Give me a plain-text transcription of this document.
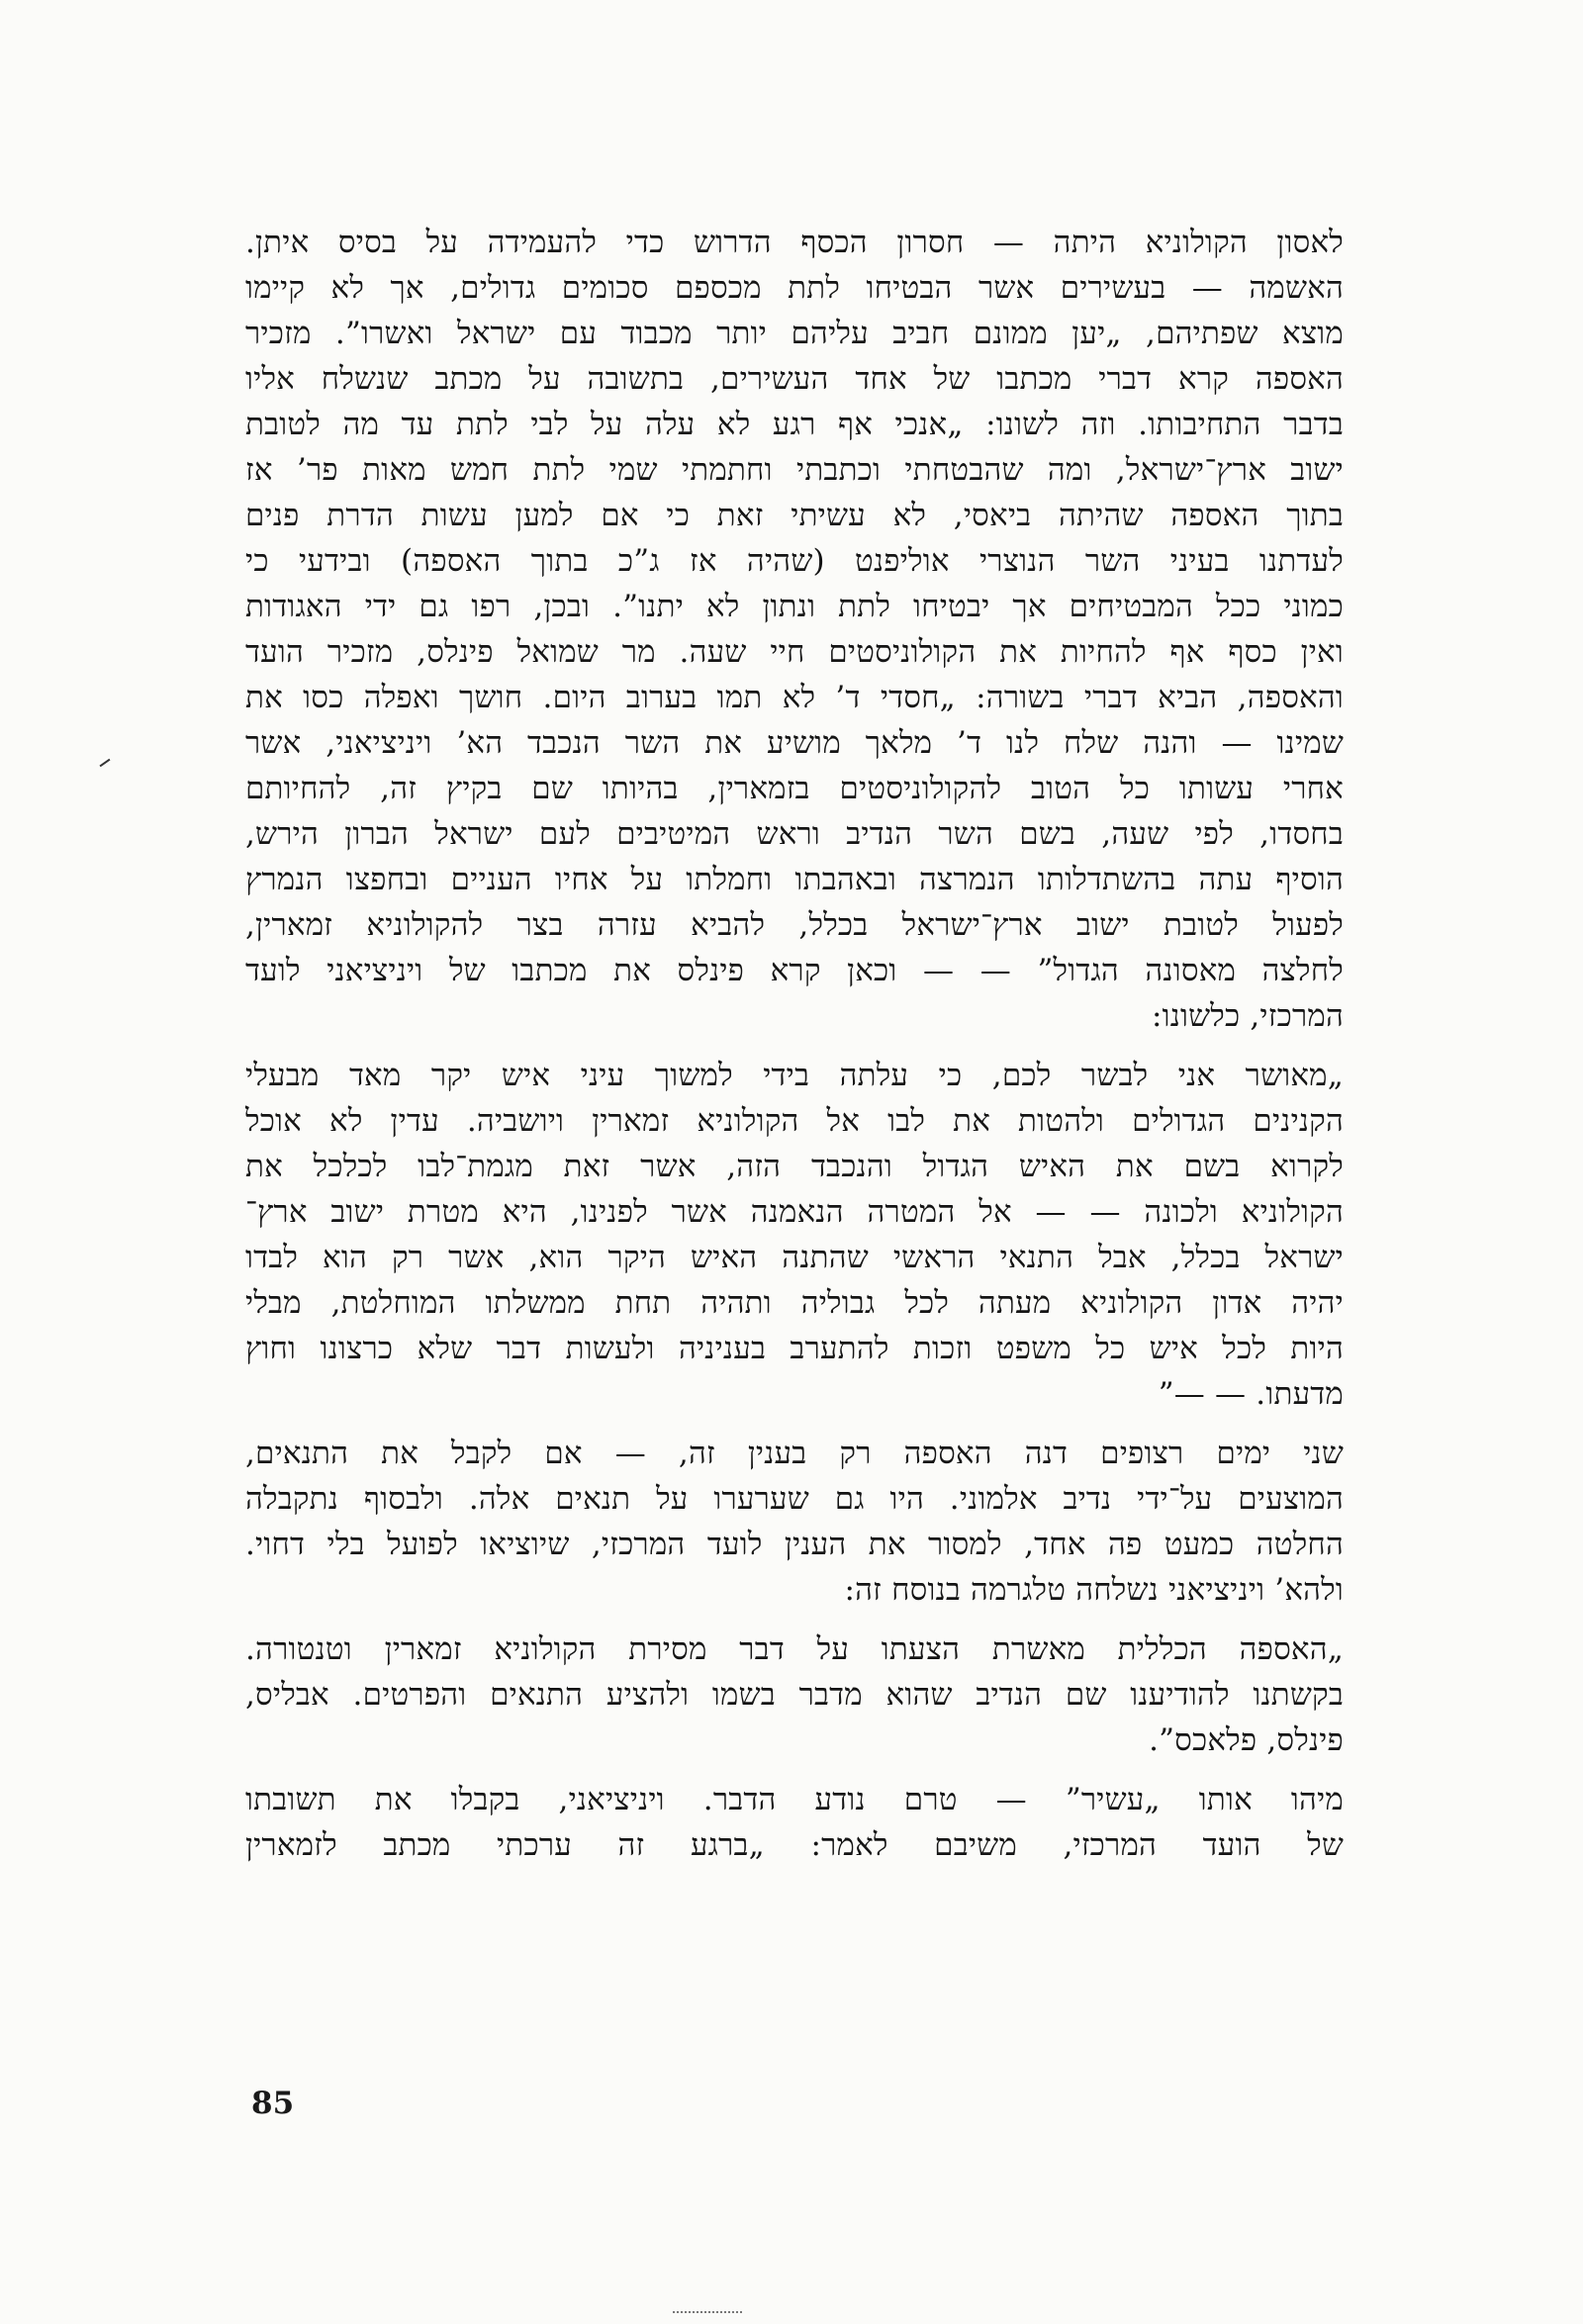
לאסון הקולוניא היתה — חסרון הכסף הדרוש כדי להעמידה על בסיס איתן.
האשמה — בעשירים אשר הבטיחו לתת מכספם סכומים גדולים, אך לא קיימו
מוצא שפתיהם, „יען ממונם חביב עליהם יותר מכבוד עם ישראל ואשרו”. מזכיר
האספה קרא דברי מכתבו של אחד העשירים, בתשובה על מכתב שנשלח אליו
בדבר התחיבותו. וזה לשונו: „אנכי אף רגע לא עלה על לבי לתת עד מה לטובת
ישוב ארץ־ישראל, ומה שהבטחתי וכתבתי וחתמתי שמי לתת חמש מאות פר’ אז
בתוך האספה שהיתה ביאסי, לא עשיתי זאת כי אם למען עשות הדרת פנים
לעדתנו בעיני השר הנוצרי אוליפנט (שהיה אז ג”כ בתוך האספה) ובידעי כי
כמוני ככל המבטיחים אך יבטיחו לתת ונתון לא יתנו”. ובכן, רפו גם ידי האגודות
ואין כסף אף להחיות את הקולוניסטים חיי שעה. מר שמואל פינלס, מזכיר הועד
והאספה, הביא דברי בשורה: „חסדי ד’ לא תמו בערוב היום. חושך ואפלה כסו את
שמינו — והנה שלח לנו ד’ מלאך מושיע את השר הנכבד הא’ ויניציאני, אשר
אחרי עשותו כל הטוב להקולוניסטים בזמארין, בהיותו שם בקיץ זה, להחיותם
בחסדו, לפי שעה, בשם השר הנדיב וראש המיטיבים לעם ישראל הברון הירש,
הוסיף עתה בהשתדלותו הנמרצה ובאהבתו וחמלתו על אחיו העניים ובחפצו הנמרץ
לפעול לטובת ישוב ארץ־ישראל בכלל, להביא עזרה בצר להקולוניא זמארין,
לחלצה מאסונה הגדול” — — וכאן קרא פינלס את מכתבו של ויניציאני לועד
המרכזי, כלשונו:

„מאושר אני לבשר לכם, כי עלתה בידי למשוך עיני איש יקר מאד מבעלי
הקנינים הגדולים ולהטות את לבו אל הקולוניא זמארין ויושביה. עדין לא אוכל
לקרוא בשם את האיש הגדול והנכבד הזה, אשר זאת מגמת־לבו לכלכל את
הקולוניא ולכונה — — אל המטרה הנאמנה אשר לפנינו, היא מטרת ישוב ארץ־
ישראל בכלל, אבל התנאי הראשי שהתנה האיש היקר הוא, אשר רק הוא לבדו
יהיה אדון הקולוניא מעתה לכל גבוליה ותהיה תחת ממשלתו המוחלטת, מבלי
היות לכל איש כל משפט וזכות להתערב בעניניה ולעשות דבר שלא כרצונו וחוץ
מדעתו. — —”

שני ימים רצופים דנה האספה רק בענין זה, — אם לקבל את התנאים,
המוצעים על־ידי נדיב אלמוני. היו גם שערערו על תנאים אלה. ולבסוף נתקבלה
החלטה כמעט פה אחד, למסור את הענין לועד המרכזי, שיוציאו לפועל בלי דחוי.
ולהא’ ויניציאני נשלחה טלגרמה בנוסח זה:

„האספה הכללית מאשרת הצעתו על דבר מסירת הקולוניא זמארין וטנטורה.
בקשתנו להודיענו שם הנדיב שהוא מדבר בשמו ולהציע התנאים והפרטים. אבליס,
פינלס, פלאכס”.

מיהו אותו „עשיר” — טרם נודע הדבר. ויניציאני, בקבלו את תשובתו
של הועד המרכזי, משיבם לאמר: „ברגע זה ערכתי מכתב לזמארין

85
